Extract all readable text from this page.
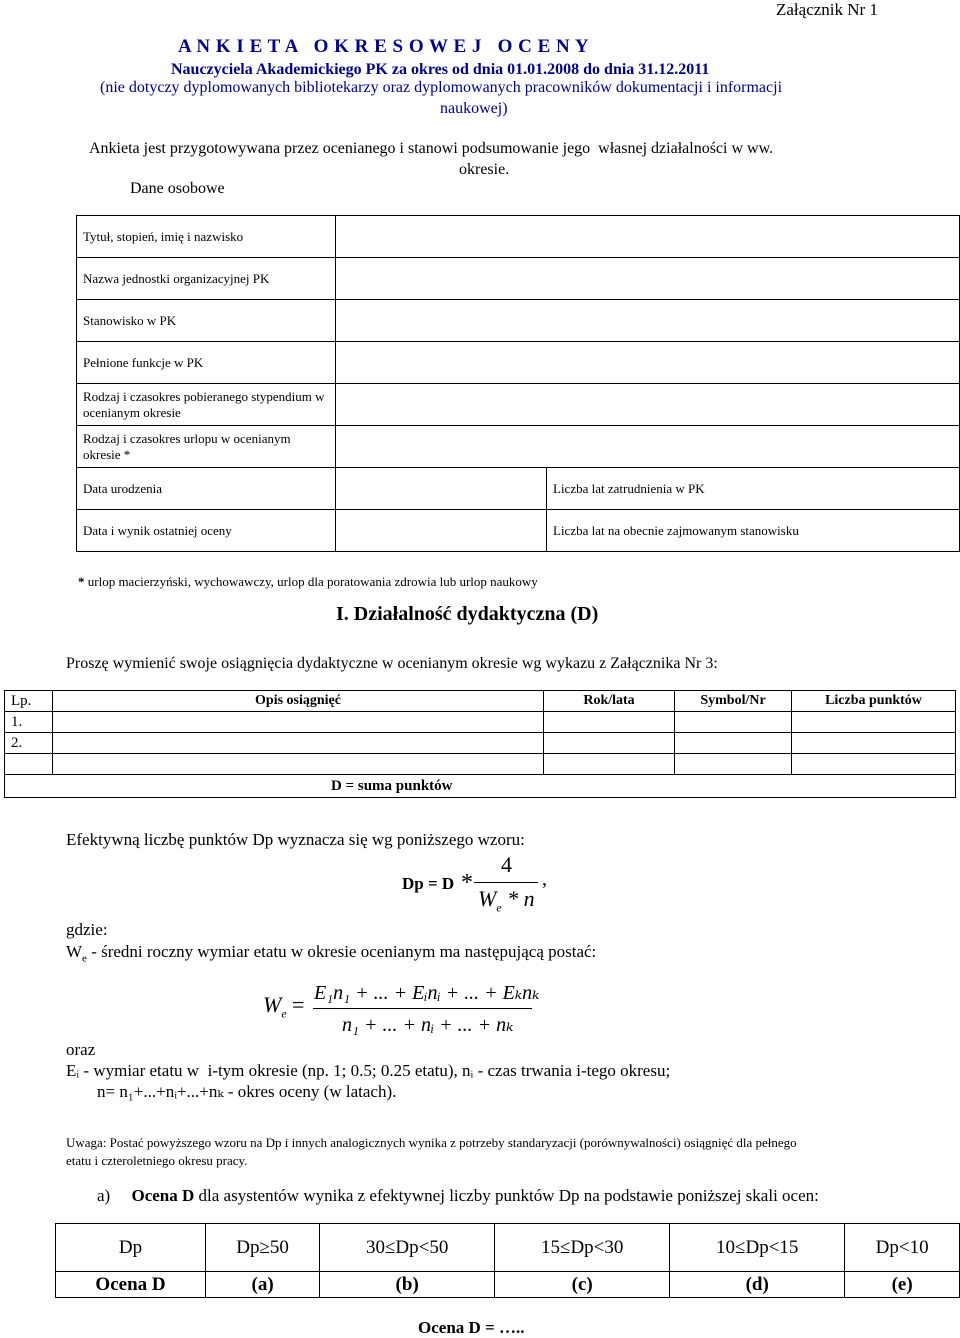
Załącznik Nr 1
A N K I E T A   O K R E S O W E J   O C E N Y
Nauczyciela Akademickiego PK za okres od dnia 01.01.2008 do dnia 31.12.2011
(nie dotyczy dyplomowanych bibliotekarzy oraz dyplomowanych pracowników dokumentacji i informacji
naukowej)
Ankieta jest przygotowywana przez ocenianego i stanowi podsumowanie jego  własnej działalności w ww.
okresie.
Dane osobowe
Tytuł, stopień, imię i nazwisko		
Nazwa jednostki organizacyjnej PK		
Stanowisko w PK		
Pełnione funkcje w PK		
Rodzaj i czasokres pobieranego stypendium w ocenianym okresie		
Rodzaj i czasokres urlopu w ocenianym okresie *		
Data urodzenia		Liczba lat zatrudnienia w PK
Data i wynik ostatniej oceny		Liczba lat na obecnie zajmowanym stanowisku
* urlop macierzyński, wychowawczy, urlop dla poratowania zdrowia lub urlop naukowy
I. Działalność dydaktyczna (D)
Proszę wymienić swoje osiągnięcia dydaktyczne w ocenianym okresie wg wykazu z Załącznika Nr 3:
Lp.	Opis osiągnięć	Rok/lata	Symbol/Nr	Liczba punktów
1.				
2.				

D = suma punktów				
Efektywną liczbę punktów Dp wyznacza się wg poniższego wzoru:
Dp = D *
4
$W_e$ * n
,
gdzie:
$W_e$ - średni roczny wymiar etatu w okresie ocenianym ma następującą postać:
$W_e = E_1n_1$ + ... + Eᵢnᵢ + ... + Eₖnₖ
n₁ + ... + nᵢ + ... + nₖ
oraz
Eᵢ - wymiar etatu w  i-tym okresie (np. 1; 0.5; 0.25 etatu), nᵢ - czas trwania i-tego okresu;
n= n₁+...+nᵢ+...+nₖ - okres oceny (w latach).
Uwaga: Postać powyższego wzoru na Dp i innych analogicznych wynika z potrzeby standaryzacji (porównywalności) osiągnięć dla pełnego
etatu i czteroletniego okresu pracy.
a) Ocena D dla asystentów wynika z efektywnej liczby punktów Dp na podstawie poniższej skali ocen:
Dp	Dp≥50	30≤Dp<50	15≤Dp<30	10≤Dp<15	Dp<10
Ocena D	(a)	(b)	(c)	(d)	(e)
Ocena D = …..
